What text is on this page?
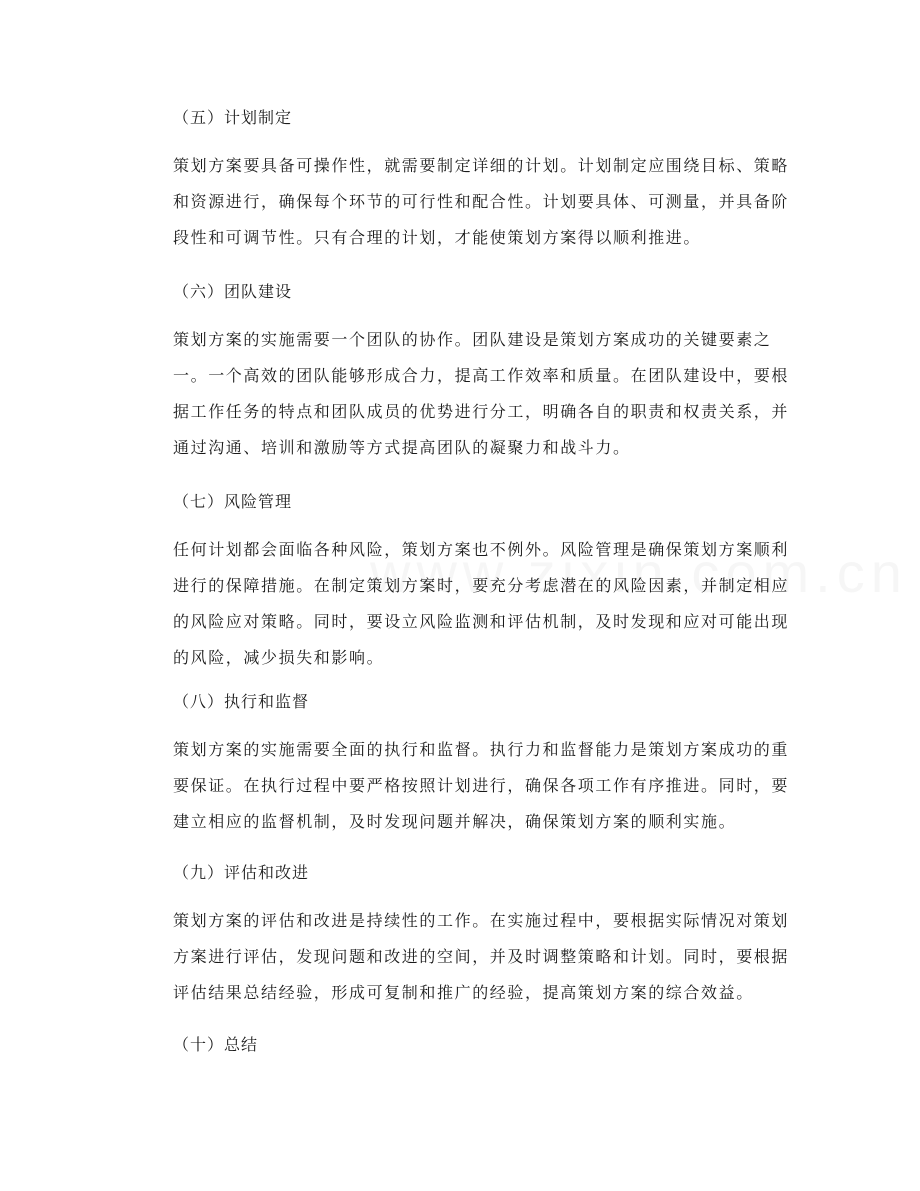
（五）计划制定
策划方案要具备可操作性，就需要制定详细的计划。计划制定应围绕目标、策略和资源进行，确保每个环节的可行性和配合性。计划要具体、可测量，并具备阶段性和可调节性。只有合理的计划，才能使策划方案得以顺利推进。
（六）团队建设
策划方案的实施需要一个团队的协作。团队建设是策划方案成功的关键要素之一。一个高效的团队能够形成合力，提高工作效率和质量。在团队建设中，要根据工作任务的特点和团队成员的优势进行分工，明确各自的职责和权责关系，并通过沟通、培训和激励等方式提高团队的凝聚力和战斗力。
（七）风险管理
任何计划都会面临各种风险，策划方案也不例外。风险管理是确保策划方案顺利进行的保障措施。在制定策划方案时，要充分考虑潜在的风险因素，并制定相应的风险应对策略。同时，要设立风险监测和评估机制，及时发现和应对可能出现的风险，减少损失和影响。
（八）执行和监督
策划方案的实施需要全面的执行和监督。执行力和监督能力是策划方案成功的重要保证。在执行过程中要严格按照计划进行，确保各项工作有序推进。同时，要建立相应的监督机制，及时发现问题并解决，确保策划方案的顺利实施。
（九）评估和改进
策划方案的评估和改进是持续性的工作。在实施过程中，要根据实际情况对策划方案进行评估，发现问题和改进的空间，并及时调整策略和计划。同时，要根据评估结果总结经验，形成可复制和推广的经验，提高策划方案的综合效益。
（十）总结
